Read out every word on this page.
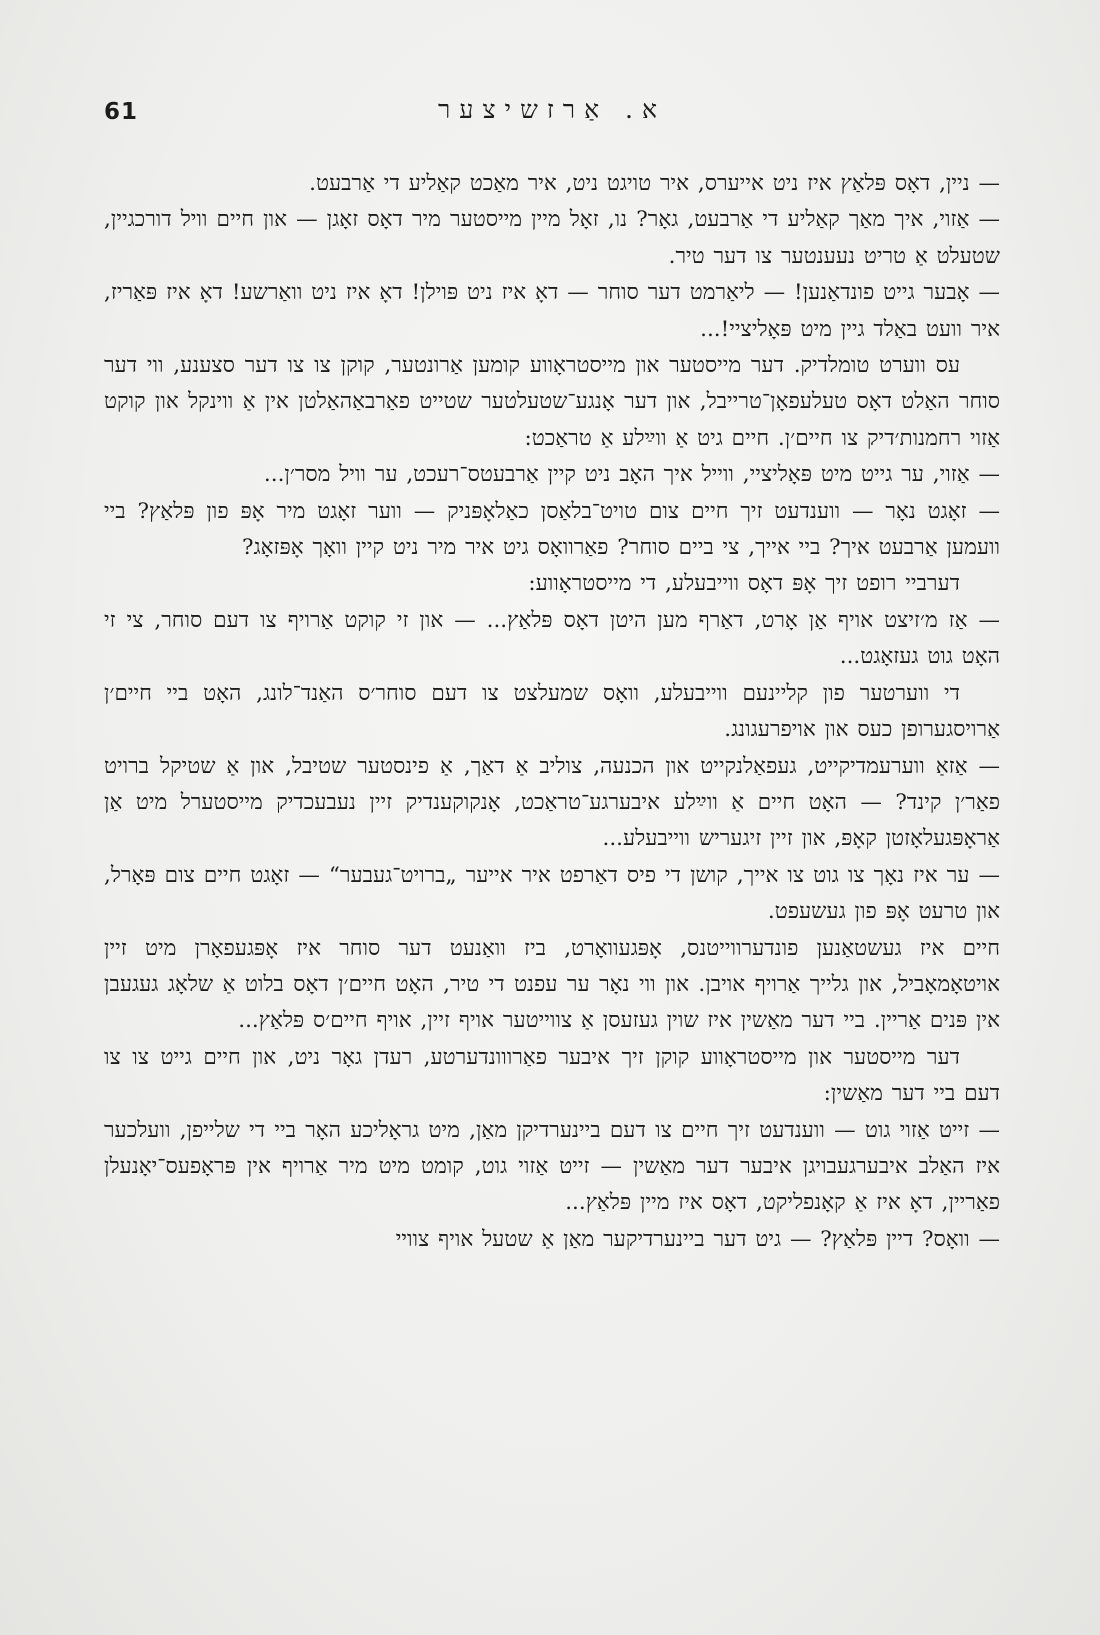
61	א. אַרזשיצער

— ניין, דאָס פּלאַץ איז ניט אייערס, איר טויגט ניט, איר מאַכט קאַליע די אַרבעט.

— אַזוי, איך מאַך קאַליע די אַרבעט, גאָר? נו, זאָל מיין מייסטער מיר דאָס זאָגן — און חיים וויל דורכגיין, שטעלט אַ טריט נעענטער צו דער טיר.

— אָבער גייט פונדאַנען! — ליאַרמט דער סוחר — דאָ איז ניט פּוילן! דאָ איז ניט וואַרשע! דאָ איז פּאַריז, איר וועט באַלד גיין מיט פּאָליציי!...

עס ווערט טומלדיק. דער מייסטער און מייסטראָווע קומען אַרונטער, קוקן צו צו דער סצענע, ווי דער סוחר האַלט דאָס טעלעפאָן־טרייבל, און דער אָנגע־שטעלטער שטייט פאַרבאַהאַלטן אין אַ ווינקל און קוקט אַזוי רחמנות׳דיק צו חיים׳ן. חיים גיט אַ ווײַלע אַ טראַכט:

— אַזוי, ער גייט מיט פּאָליציי, ווייל איך האָב ניט קיין אַרבעטס־רעכט, ער וויל מסר׳ן...

— זאָגט נאָר — ווענדעט זיך חיים צום טויט־בלאַסן כאַלאָפּניק — ווער זאָגט מיר אָפּ פון פּלאַץ? ביי וועמען אַרבעט איך? ביי אייך, צי ביים סוחר? פאַרוואָס גיט איר מיר ניט קיין וואָך אָפּזאָג?

דערביי רופט זיך אָפּ דאָס ווייבעלע, די מייסטראָווע:

— אַז מ׳זיצט אויף אַן אָרט, דאַרף מען היטן דאָס פּלאַץ... — און זי קוקט אַרויף צו דעם סוחר, צי זי האָט גוט געזאָגט...

די ווערטער פון קליינעם ווייבעלע, וואָס שמעלצט צו דעם סוחר׳ס האַנד־לונג, האָט ביי חיים׳ן אַרויסגערופן כעס און אויפרעגונג.

— אַזאַ ווערעמדיקייט, געפאַלנקייט און הכנעה, צוליב אַ דאַך, אַ פינסטער שטיבל, און אַ שטיקל ברויט פאַר׳ן קינד? — האָט חיים אַ ווײַלע איבערגע־טראַכט, אָנקוקענדיק זיין נעבעכדיק מייסטערל מיט אַן אַראָפּגעלאָזטן קאָפּ, און זיין זיגעריש ווייבעלע...

— ער איז נאָך צו גוט צו אייך, קושן די פיס דאַרפט איר אייער „ברויט־געבער“ — זאָגט חיים צום פּאָרל, און טרעט אָפּ פון געשעפט.

חיים איז געשטאַנען פונדערווייטנס, אָפּגעוואָרט, ביז וואַנעט דער סוחר איז אָפּגעפאָרן מיט זיין אויטאָמאָביל, און גלייך אַרויף אויבן. און ווי נאָר ער עפנט די טיר, האָט חיים׳ן דאָס בלוט אַ שלאָג געגעבן אין פּנים אַריין. ביי דער מאַשין איז שוין געזעסן אַ צווייטער אויף זיין, אויף חיים׳ס פּלאַץ...

דער מייסטער און מייסטראָווע קוקן זיך איבער פאַרווונדערטע, רעדן גאָר ניט, און חיים גייט צו צו דעם ביי דער מאַשין:

— זייט אַזוי גוט — ווענדעט זיך חיים צו דעם ביינערדיקן מאַן, מיט גראָליכע האָר ביי די שלייפן, וועלכער איז האַלב איבערגעבויגן איבער דער מאַשין — זייט אַזוי גוט, קומט מיט מיר אַרויף אין פּראָפעס־יאָנעלן פאַריין, דאָ איז אַ קאָנפליקט, דאָס איז מיין פּלאַץ...

— וואָס? דיין פּלאַץ? — גיט דער ביינערדיקער מאַן אַ שטעל אויף צוויי
